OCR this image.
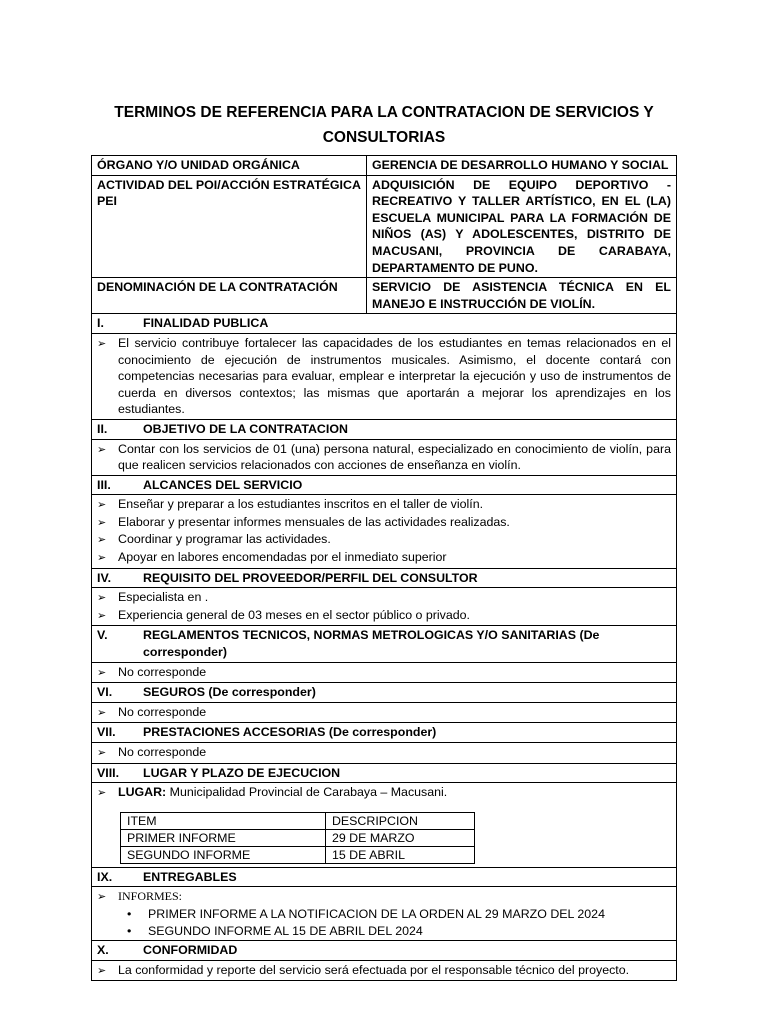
TERMINOS DE REFERENCIA PARA LA CONTRATACION DE SERVICIOS Y CONSULTORIAS
ÓRGANO Y/O UNIDAD ORGÁNICA	GERENCIA DE DESARROLLO HUMANO Y SOCIAL
ACTIVIDAD DEL POI/ACCIÓN ESTRATÉGICA PEI	ADQUISICIÓN DE EQUIPO DEPORTIVO - RECREATIVO Y TALLER ARTÍSTICO, EN EL (LA) ESCUELA MUNICIPAL PARA LA FORMACIÓN DE NIÑOS (AS) Y ADOLESCENTES, DISTRITO DE MACUSANI, PROVINCIA DE CARABAYA, DEPARTAMENTO DE PUNO.
DENOMINACIÓN DE LA CONTRATACIÓN	SERVICIO DE ASISTENCIA TÉCNICA EN EL MANEJO E INSTRUCCIÓN DE VIOLÍN.
I.	FINALIDAD PUBLICA

➢ El servicio contribuye fortalecer las capacidades de los estudiantes en temas relacionados en el conocimiento de ejecución de instrumentos musicales. Asimismo, el docente contará con competencias necesarias para evaluar, emplear e interpretar la ejecución y uso de instrumentos de cuerda en diversos contextos; las mismas que aportarán a mejorar los aprendizajes en los estudiantes.

II.	OBJETIVO DE LA CONTRATACION

➢ Contar con los servicios de 01 (una) persona natural, especializado en conocimiento de violín, para que realicen servicios relacionados con acciones de enseñanza en violín.

III.	ALCANCES DEL SERVICIO

➢ Enseñar y preparar a los estudiantes inscritos en el taller de violín.
➢ Elaborar y presentar informes mensuales de las actividades realizadas.
➢ Coordinar y programar las actividades.
➢ Apoyar en labores encomendadas por el inmediato superior

IV.	REQUISITO DEL PROVEEDOR/PERFIL DEL CONSULTOR

➢ Especialista en .
➢ Experiencia general de 03 meses en el sector público o privado.

V.	REGLAMENTOS TECNICOS, NORMAS METROLOGICAS Y/O SANITARIAS (De corresponder)

➢ No corresponde

VI. SEGUROS (De corresponder)

➢ No corresponde

VII. PRESTACIONES ACCESORIAS (De corresponder)

➢ No corresponde

VIII. LUGAR Y PLAZO DE EJECUCION

➢ LUGAR: Municipalidad Provincial de Carabaya – Macusani.
ITEM	DESCRIPCION
PRIMER INFORME	29 DE MARZO
SEGUNDO INFORME	15 DE ABRIL

IX. ENTREGABLES

➢ INFORMES:
•	PRIMER INFORME A LA NOTIFICACION DE LA ORDEN AL 29 MARZO DEL 2024
•	SEGUNDO INFORME AL 15 DE ABRIL DEL 2024

X.	CONFORMIDAD

➢ La conformidad y reporte del servicio será efectuada por el responsable técnico del proyecto.
